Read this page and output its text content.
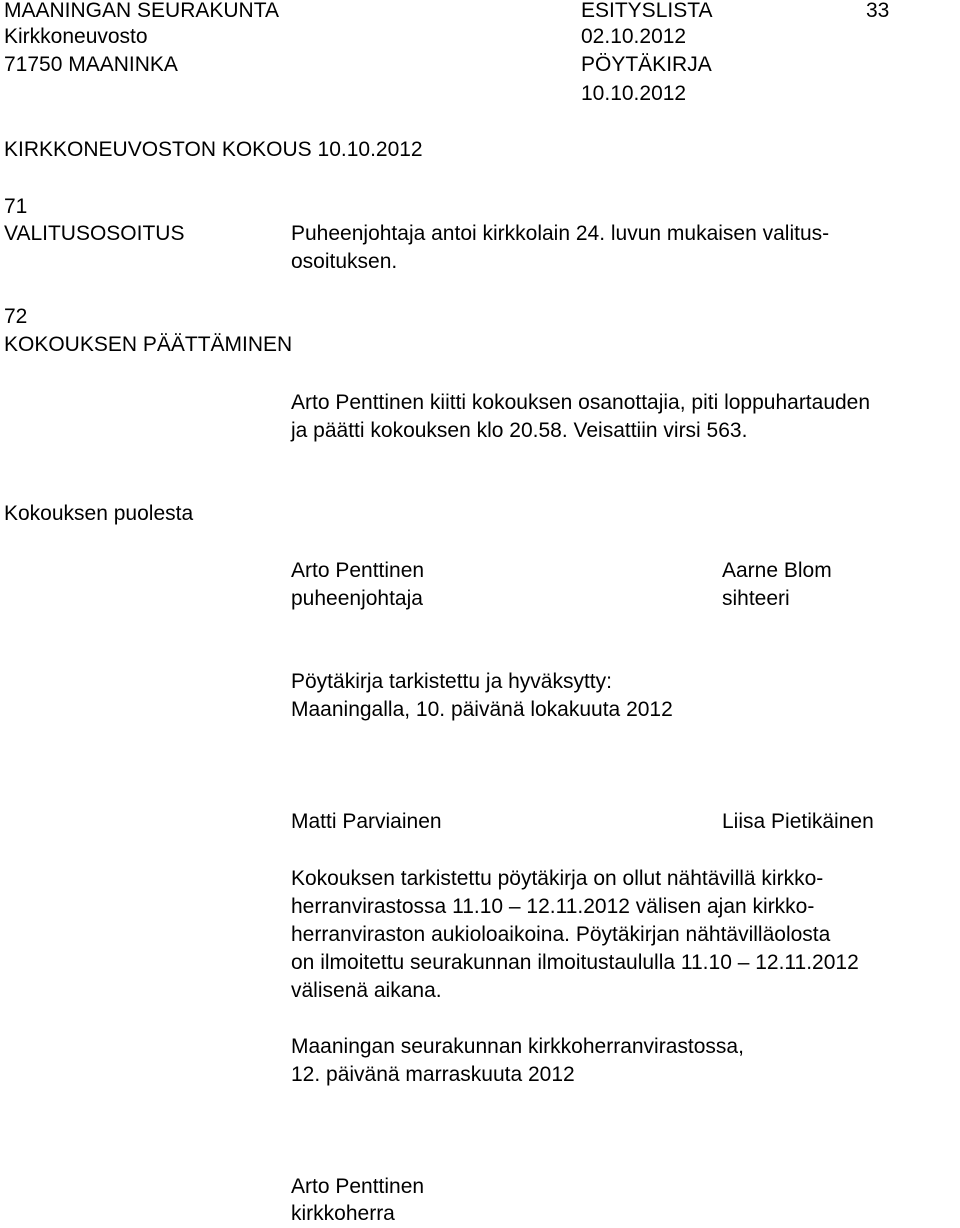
MAANINGAN SEURAKUNTA

Kirkkoneuvosto

71750 MAANINKA

ESITYSLISTA

02.10.2012

PÖYTÄKIRJA

10.10.2012

33

KIRKKONEUVOSTON KOKOUS 10.10.2012

71

VALITUSOSOITUS	Puheenjohtaja antoi kirkkolain 24. luvun mukaisen valitus-

osoituksen.

72

KOKOUKSEN PÄÄTTÄMINEN

Arto Penttinen kiitti kokouksen osanottajia, piti loppuhartauden

ja päätti kokouksen klo 20.58. Veisattiin virsi 563.

Kokouksen puolesta

Arto Penttinen

puheenjohtaja

Aarne Blom

sihteeri

Pöytäkirja tarkistettu ja hyväksytty:

Maaningalla, 10. päivänä lokakuuta 2012

Matti Parviainen	Liisa Pietikäinen

Kokouksen tarkistettu pöytäkirja on ollut nähtävillä kirkko-

herranvirastossa 11.10 – 12.11.2012 välisen ajan kirkko-

herranviraston aukioloaikoina. Pöytäkirjan nähtävilläolosta

on ilmoitettu seurakunnan ilmoitustaululla 11.10 – 12.11.2012

välisenä aikana.

Maaningan seurakunnan kirkkoherranvirastossa,

12. päivänä marraskuuta 2012

Arto Penttinen

kirkkoherra
